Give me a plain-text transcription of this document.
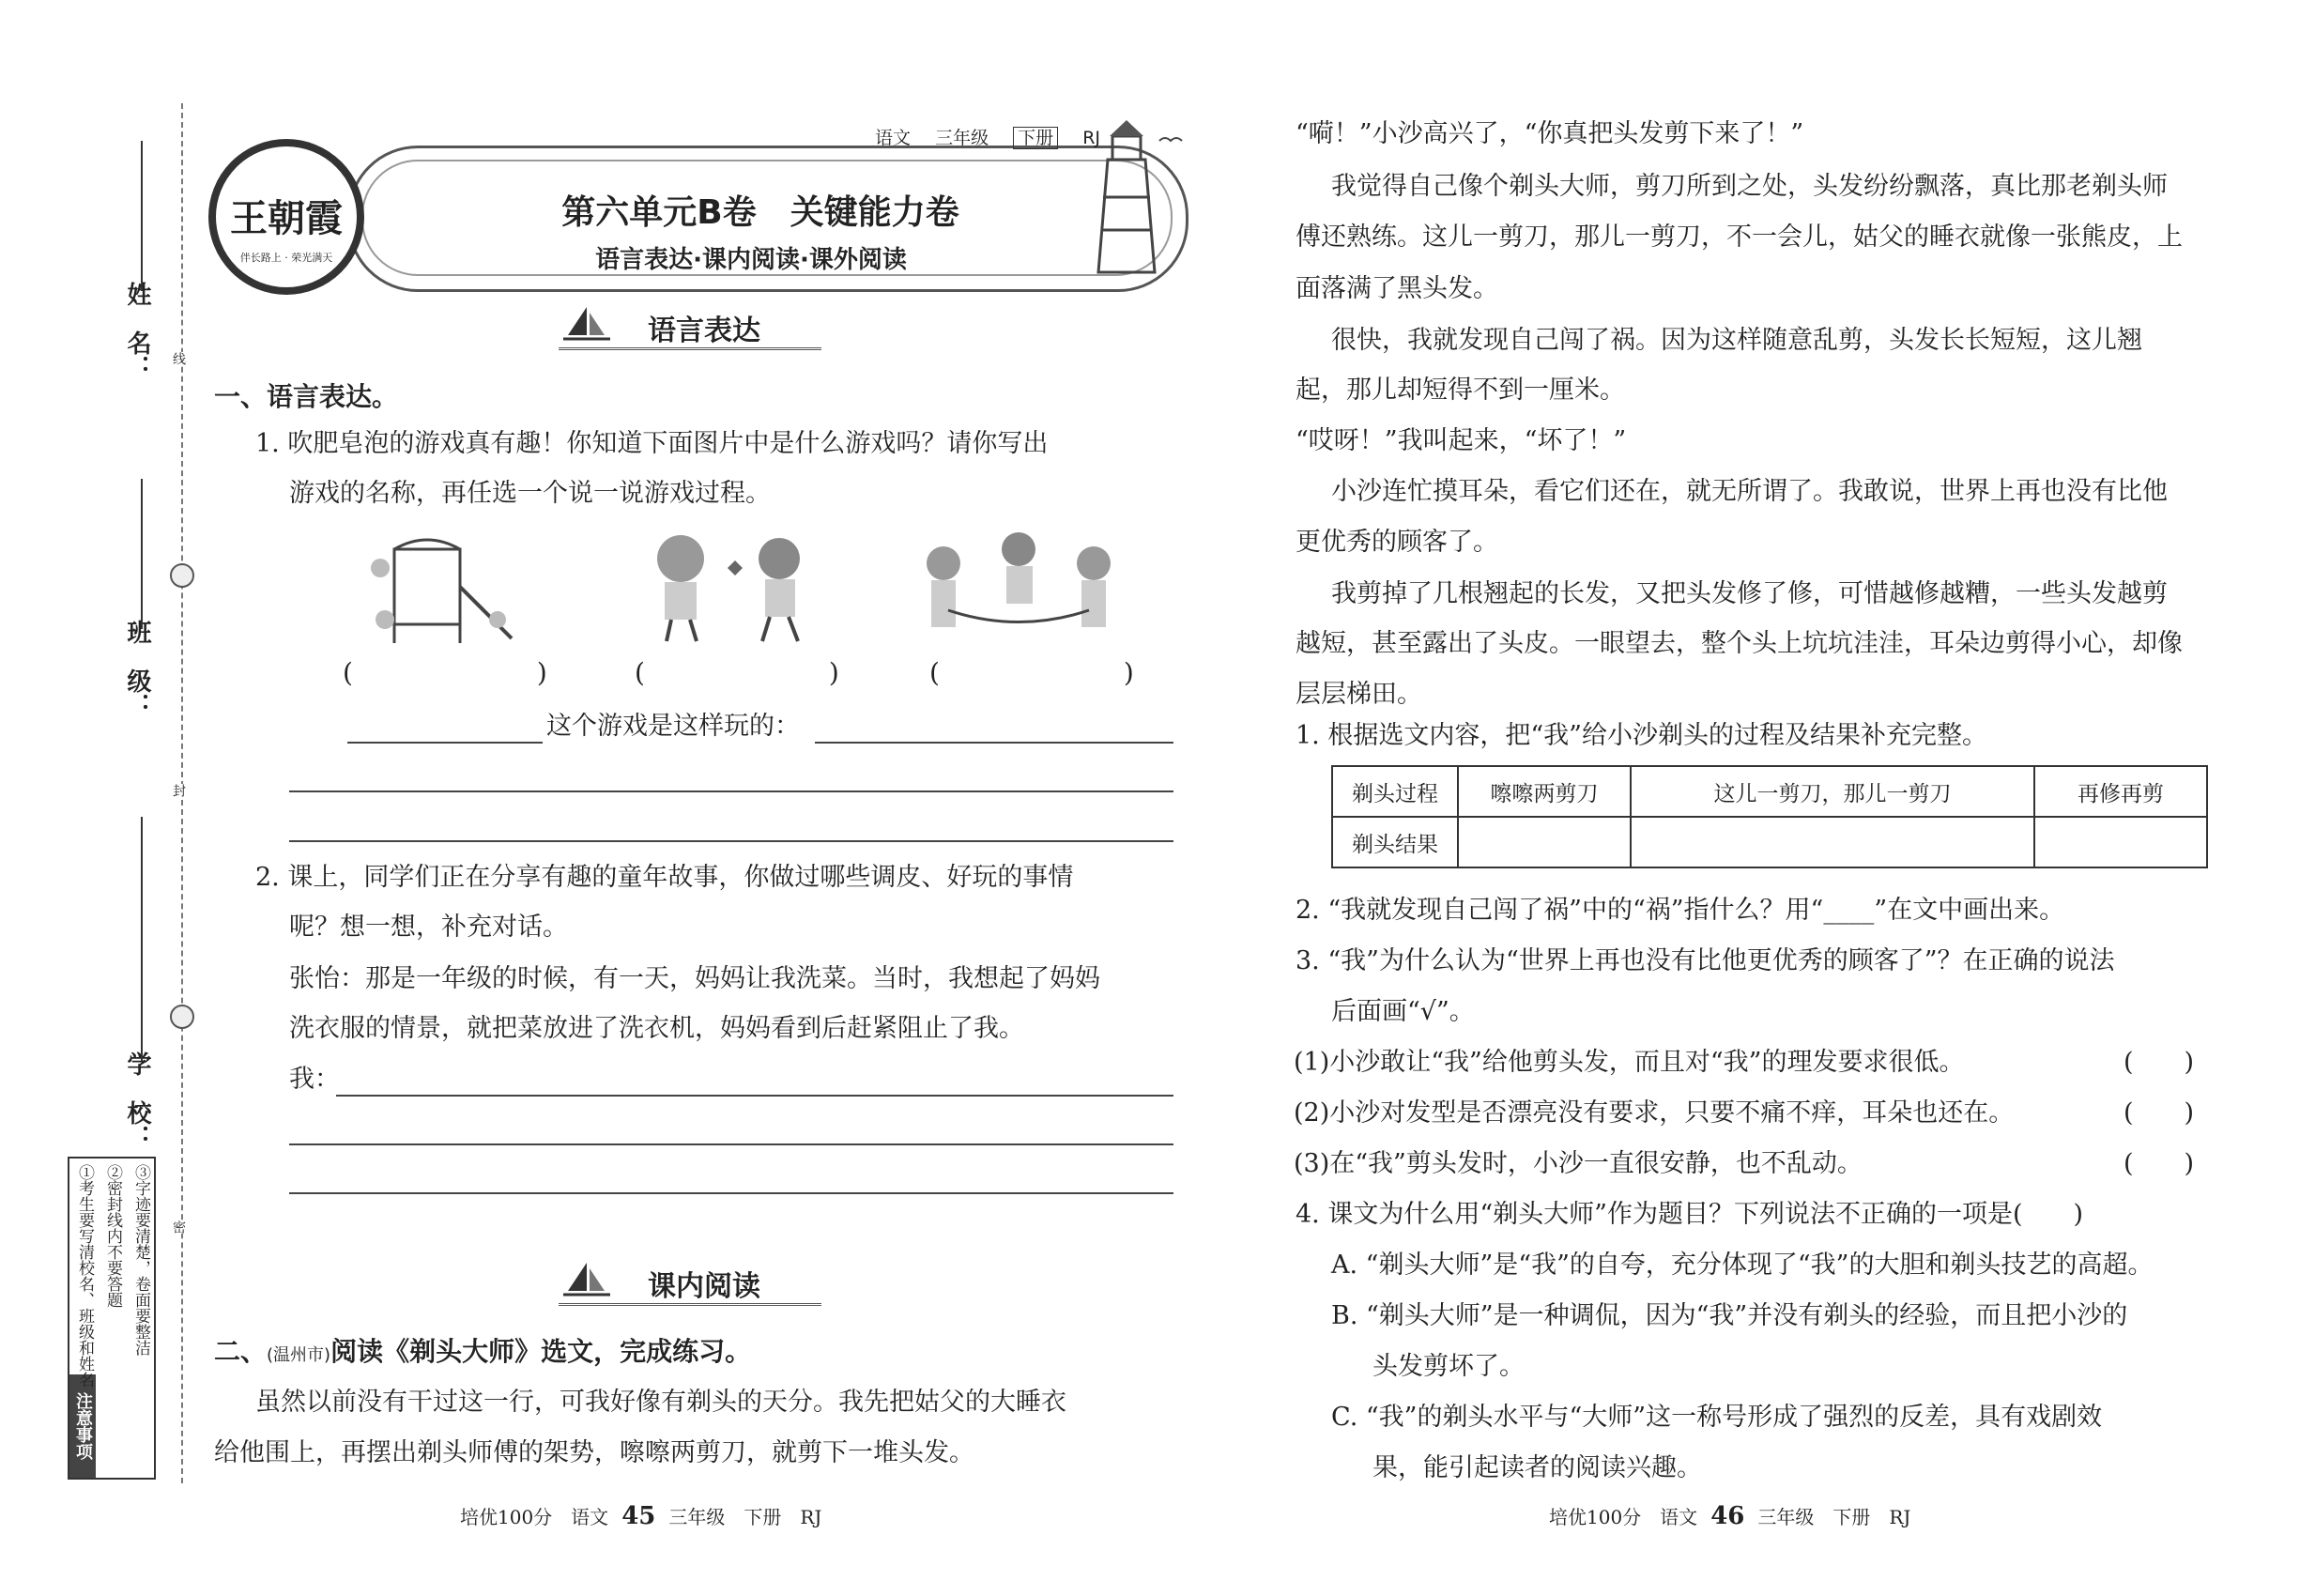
姓　名：
班　级：
学　校：
线
封
密
注意事项
①考生要写清校名、班级和姓名 ②密封线内不要答题 ③字迹要清楚，卷面要整洁
王朝霞
伴长路上 · 荣光满天
语文 三年级 下册 RJ
第六单元B卷　关键能力卷
语言表达·课内阅读·课外阅读
语言表达
一、语言表达。
1. 吹肥皂泡的游戏真有趣！你知道下面图片中是什么游戏吗？请你写出
游戏的名称，再任选一个说一说游戏过程。
(　　　　　　　)	(　　　　　　　)	(　　　　　　　)
这个游戏是这样玩的：
2. 课上，同学们正在分享有趣的童年故事，你做过哪些调皮、好玩的事情
呢？想一想，补充对话。
张怡：那是一年级的时候，有一天，妈妈让我洗菜。当时，我想起了妈妈
洗衣服的情景，就把菜放进了洗衣机，妈妈看到后赶紧阻止了我。
我：
课内阅读
二、(温州市)阅读《剃头大师》选文，完成练习。
虽然以前没有干过这一行，可我好像有剃头的天分。我先把姑父的大睡衣
给他围上，再摆出剃头师傅的架势，嚓嚓两剪刀，就剪下一堆头发。
“嗬！”小沙高兴了，“你真把头发剪下来了！”
我觉得自己像个剃头大师，剪刀所到之处，头发纷纷飘落，真比那老剃头师
傅还熟练。这儿一剪刀，那儿一剪刀，不一会儿，姑父的睡衣就像一张熊皮，上
面落满了黑头发。
很快，我就发现自己闯了祸。因为这样随意乱剪，头发长长短短，这儿翘
起，那儿却短得不到一厘米。
“哎呀！”我叫起来，“坏了！”
小沙连忙摸耳朵，看它们还在，就无所谓了。我敢说，世界上再也没有比他
更优秀的顾客了。
我剪掉了几根翘起的长发，又把头发修了修，可惜越修越糟，一些头发越剪
越短，甚至露出了头皮。一眼望去，整个头上坑坑洼洼，耳朵边剪得小心，却像
层层梯田。
1. 根据选文内容，把“我”给小沙剃头的过程及结果补充完整。
剃头过程	嚓嚓两剪刀	这儿一剪刀，那儿一剪刀	再修再剪
剃头结果			
2. “我就发现自己闯了祸”中的“祸”指什么？用“____”在文中画出来。
3. “我”为什么认为“世界上再也没有比他更优秀的顾客了”？在正确的说法
后面画“√”。
(1)小沙敢让“我”给他剪头发，而且对“我”的理发要求很低。	(　　)
(2)小沙对发型是否漂亮没有要求，只要不痛不痒，耳朵也还在。	(　　)
(3)在“我”剪头发时，小沙一直很安静，也不乱动。	(　　)
4. 课文为什么用“剃头大师”作为题目？下列说法不正确的一项是(　　)
A. “剃头大师”是“我”的自夸，充分体现了“我”的大胆和剃头技艺的高超。
B. “剃头大师”是一种调侃，因为“我”并没有剃头的经验，而且把小沙的
头发剪坏了。
C. “我”的剃头水平与“大师”这一称号形成了强烈的反差，具有戏剧效
果，能引起读者的阅读兴趣。
培优100分　语文 45 三年级　下册　RJ	培优100分　语文 46 三年级　下册　RJ
